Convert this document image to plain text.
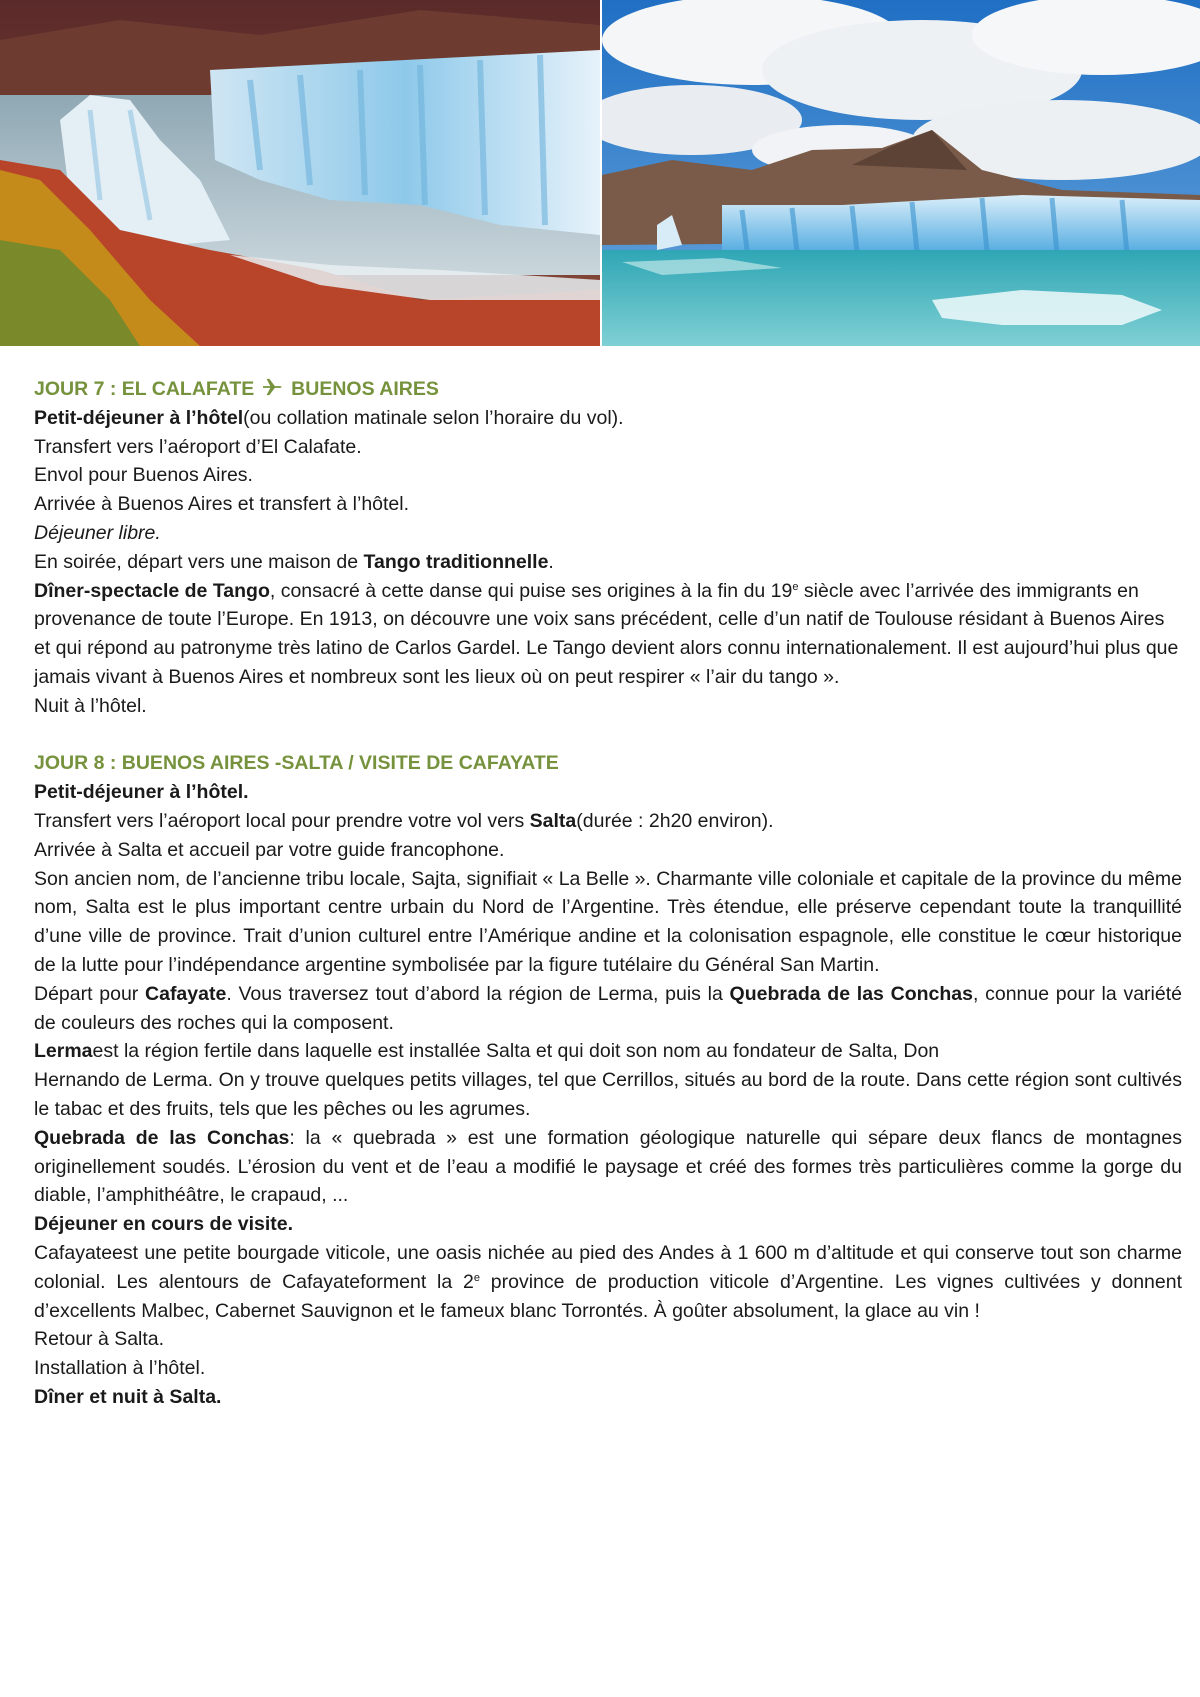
JOUR 7 : EL CALAFATE BUENOS AIRES

Petit-déjeuner à l’hôtel(ou collation matinale selon l’horaire du vol).

Transfert vers l’aéroport d’El Calafate.

Envol pour Buenos Aires.

Arrivée à Buenos Aires et transfert à l’hôtel.

Déjeuner libre.

En soirée, départ vers une maison de Tango traditionnelle.

Dîner-spectacle de Tango, consacré à cette danse qui puise ses origines à la fin du 19e siècle avec l’arrivée des immigrants en provenance de toute l’Europe. En 1913, on découvre une voix sans précédent, celle d’un natif de Toulouse résidant à Buenos Aires et qui répond au patronyme très latino de Carlos Gardel. Le Tango devient alors connu internationalement. Il est aujourd’hui plus que jamais vivant à Buenos Aires et nombreux sont les lieux où on peut respirer « l’air du tango ».

Nuit à l’hôtel.

JOUR 8 : BUENOS AIRES -SALTA / VISITE DE CAFAYATE

Petit-déjeuner à l’hôtel.

Transfert vers l’aéroport local pour prendre votre vol vers Salta(durée : 2h20 environ).

Arrivée à Salta et accueil par votre guide francophone.

Son ancien nom, de l’ancienne tribu locale, Sajta, signifiait « La Belle ». Charmante ville coloniale et capitale de la province du même nom, Salta est le plus important centre urbain du Nord de l’Argentine. Très étendue, elle préserve cependant toute la tranquillité d’une ville de province. Trait d’union culturel entre l’Amérique andine et la colonisation espagnole, elle constitue le cœur historique de la lutte pour l’indépendance argentine symbolisée par la figure tutélaire du Général San Martin.

Départ pour Cafayate. Vous traversez tout d’abord la région de Lerma, puis la Quebrada de las Conchas, connue pour la variété de couleurs des roches qui la composent.

Lermaest la région fertile dans laquelle est installée Salta et qui doit son nom au fondateur de Salta, Don

Hernando de Lerma. On y trouve quelques petits villages, tel que Cerrillos, situés au bord de la route. Dans cette région sont cultivés le tabac et des fruits, tels que les pêches ou les agrumes.

Quebrada de las Conchas: la « quebrada » est une formation géologique naturelle qui sépare deux flancs de montagnes originellement soudés. L’érosion du vent et de l’eau a modifié le paysage et créé des formes très particulières comme la gorge du diable, l’amphithéâtre, le crapaud, ...

Déjeuner en cours de visite.

Cafayateest une petite bourgade viticole, une oasis nichée au pied des Andes à 1 600 m d’altitude et qui conserve tout son charme colonial. Les alentours de Cafayateforment la 2e province de production viticole d’Argentine. Les vignes cultivées y donnent d’excellents Malbec, Cabernet Sauvignon et le fameux blanc Torrontés. À goûter absolument, la glace au vin !

Retour à Salta.

Installation à l’hôtel.

Dîner et nuit à Salta.
